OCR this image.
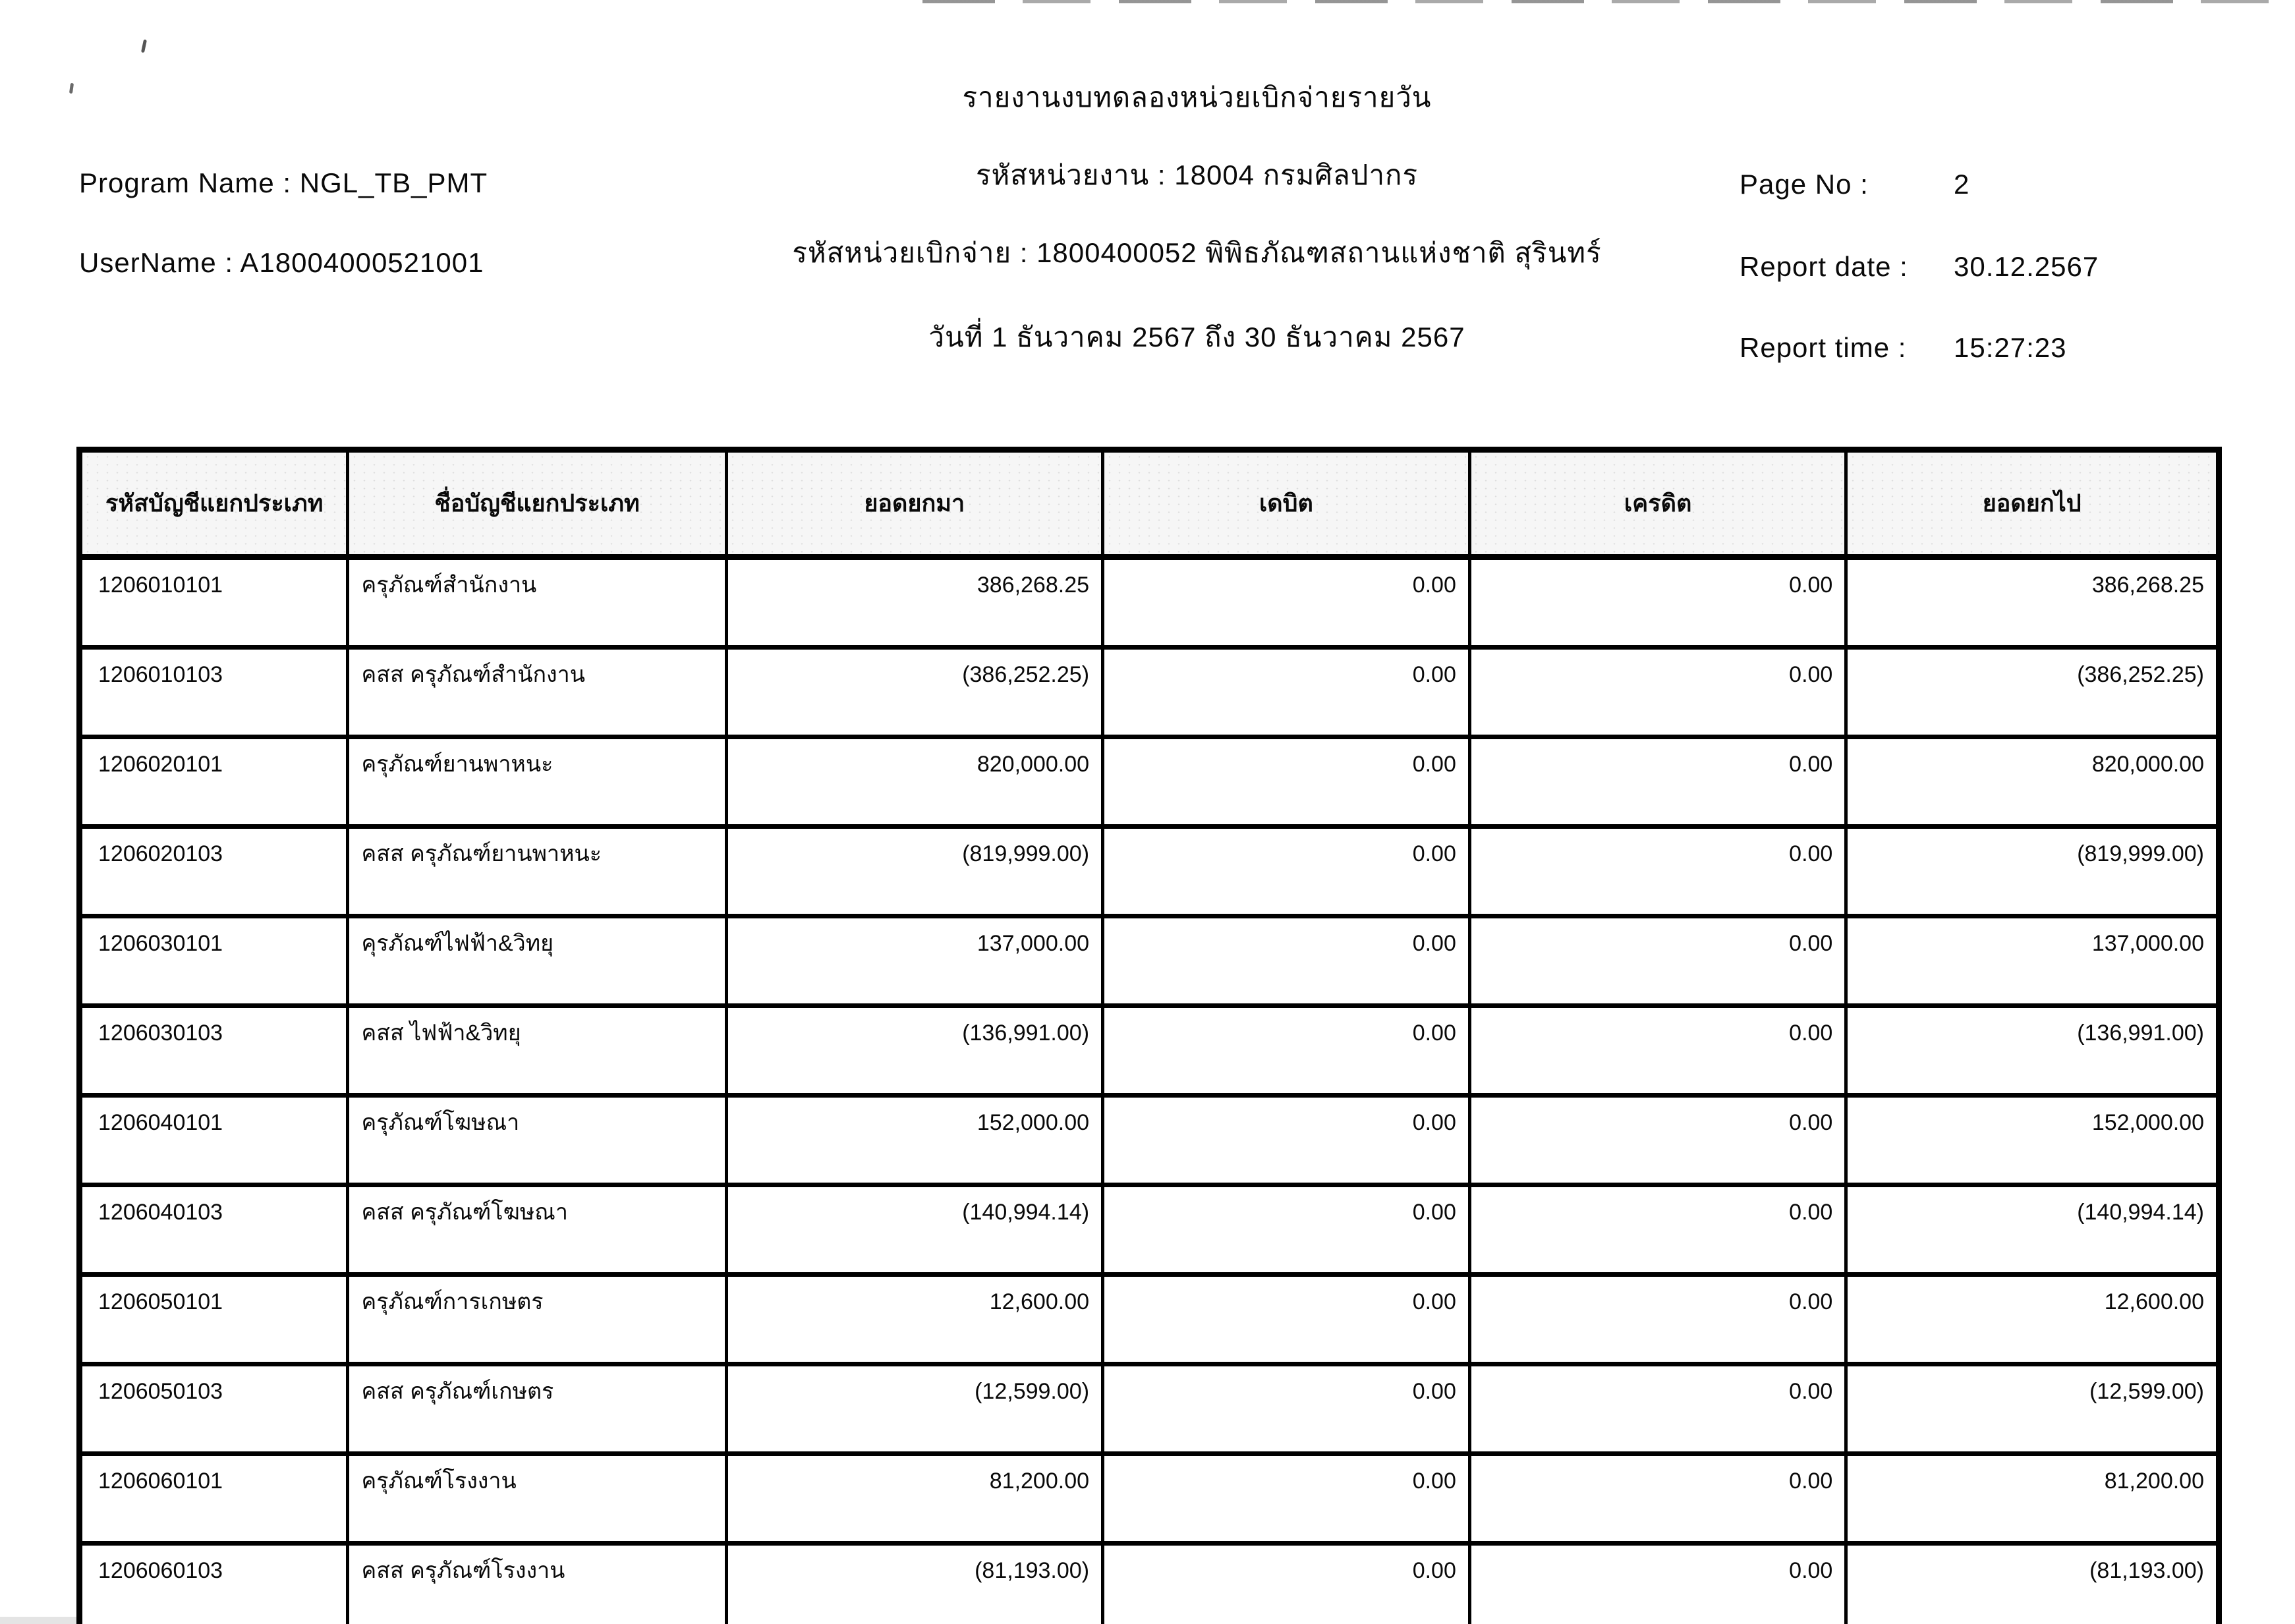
รายงานงบทดลองหน่วยเบิกจ่ายรายวัน
Program Name : NGL_TB_PMT
UserName : A18004000521001
รหัสหน่วยงาน : 18004 กรมศิลปากร
รหัสหน่วยเบิกจ่าย : 1800400052 พิพิธภัณฑสถานแห่งชาติ สุรินทร์
วันที่ 1 ธันวาคม 2567 ถึง 30 ธันวาคม 2567
Page No :	2
Report date : 30.12.2567
Report time : 15:27:23
รหัสบัญชีแยกประเภท	ชื่อบัญชีแยกประเภท	ยอดยกมา	เดบิต	เครดิต	ยอดยกไป
1206010101	ครุภัณฑ์สำนักงาน	386,268.25	0.00	0.00	386,268.25
1206010103	คสส ครุภัณฑ์สำนักงาน	(386,252.25)	0.00	0.00	(386,252.25)
1206020101	ครุภัณฑ์ยานพาหนะ	820,000.00	0.00	0.00	820,000.00
1206020103	คสส ครุภัณฑ์ยานพาหนะ	(819,999.00)	0.00	0.00	(819,999.00)
1206030101	คุรภัณฑ์ไฟฟ้า&วิทยุ	137,000.00	0.00	0.00	137,000.00
1206030103	คสส ไฟฟ้า&วิทยุ	(136,991.00)	0.00	0.00	(136,991.00)
1206040101	ครุภัณฑ์โฆษณา	152,000.00	0.00	0.00	152,000.00
1206040103	คสส ครุภัณฑ์โฆษณา	(140,994.14)	0.00	0.00	(140,994.14)
1206050101	ครุภัณฑ์การเกษตร	12,600.00	0.00	0.00	12,600.00
1206050103	คสส ครุภัณฑ์เกษตร	(12,599.00)	0.00	0.00	(12,599.00)
1206060101	ครุภัณฑ์โรงงาน	81,200.00	0.00	0.00	81,200.00
1206060103	คสส ครุภัณฑ์โรงงาน	(81,193.00)	0.00	0.00	(81,193.00)
